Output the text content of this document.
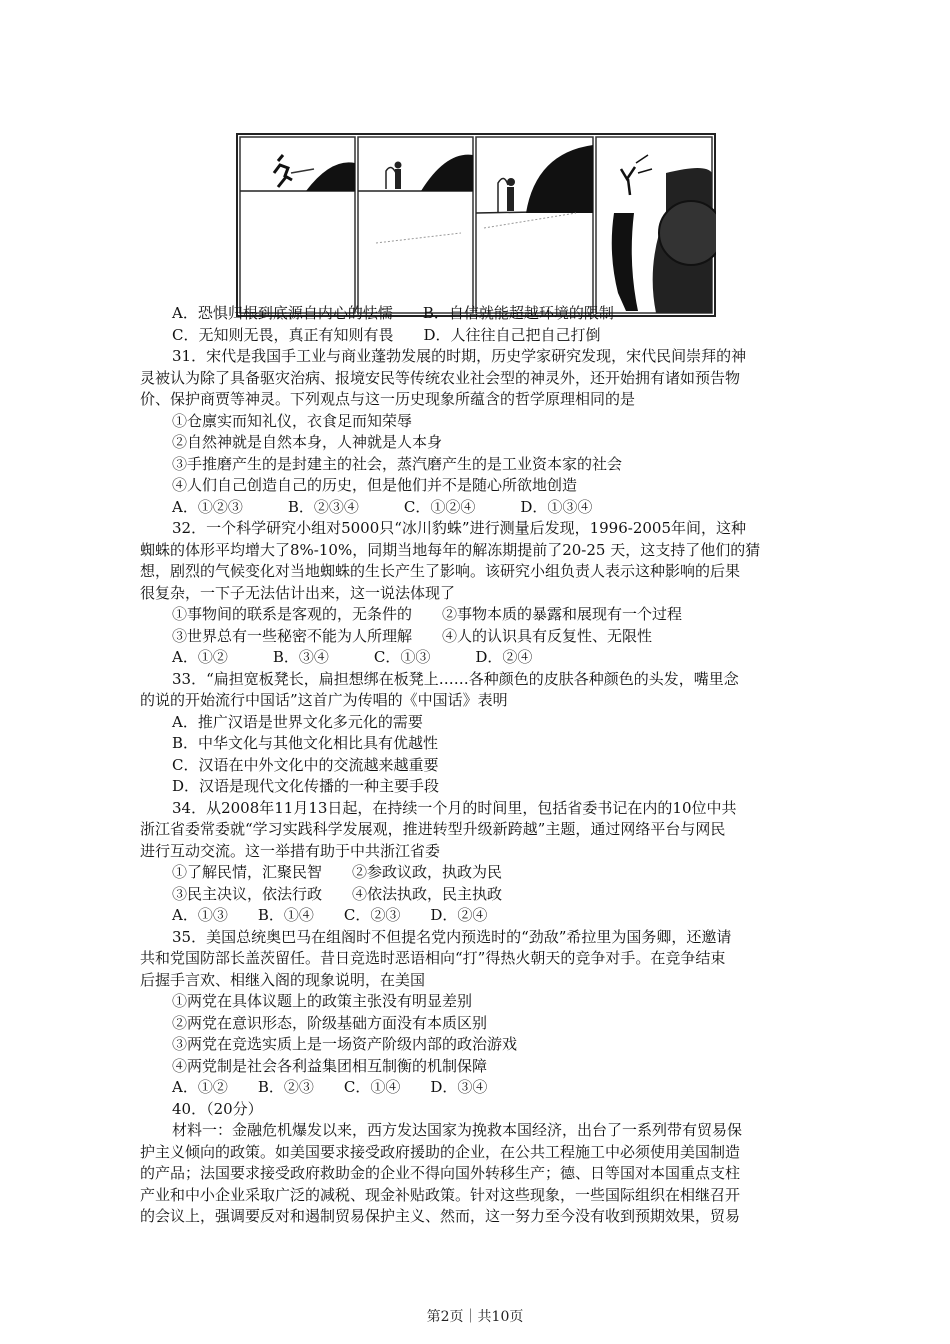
A．恐惧归根到底源自内心的怯懦　　 B．自信就能超越环境的限制
C．无知则无畏，真正有知则有畏　　 D．人往往自己把自己打倒
31．宋代是我国手工业与商业蓬勃发展的时期，历史学家研究发现，宋代民间崇拜的神
灵被认为除了具备驱灾治病、报境安民等传统农业社会型的神灵外，还开始拥有诸如预告物
价、保护商贾等神灵。下列观点与这一历史现象所蕴含的哲学原理相同的是
①仓廪实而知礼仪，衣食足而知荣辱
②自然神就是自然本身，人神就是人本身
③手推磨产生的是封建主的社会，蒸汽磨产生的是工业资本家的社会
④人们自己创造自己的历史，但是他们并不是随心所欲地创造
A．①②③　　　B．②③④　　　C．①②④　　　D．①③④
32．一个科学研究小组对5000只“冰川豹蛛”进行测量后发现，1996-2005年间，这种
蜘蛛的体形平均增大了8%-10%，同期当地每年的解冻期提前了20-25 天，这支持了他们的猜
想，剧烈的气候变化对当地蜘蛛的生长产生了影响。该研究小组负责人表示这种影响的后果
很复杂，一下子无法估计出来，这一说法体现了
①事物间的联系是客观的，无条件的　　②事物本质的暴露和展现有一个过程
③世界总有一些秘密不能为人所理解　　④人的认识具有反复性、无限性
A．①②　　　B．③④　　　C．①③　　　D．②④
33．“扁担宽板凳长，扁担想绑在板凳上……各种颜色的皮肤各种颜色的头发，嘴里念
的说的开始流行中国话”这首广为传唱的《中国话》表明
A．推广汉语是世界文化多元化的需要
B．中华文化与其他文化相比具有优越性
C．汉语在中外文化中的交流越来越重要
D．汉语是现代文化传播的一种主要手段
34．从2008年11月13日起，在持续一个月的时间里，包括省委书记在内的10位中共
浙江省委常委就“学习实践科学发展观，推进转型升级新跨越”主题，通过网络平台与网民
进行互动交流。这一举措有助于中共浙江省委
①了解民情，汇聚民智　　②参政议政，执政为民
③民主决议，依法行政　　④依法执政，民主执政
A．①③　　B．①④　　C．②③　　D．②④
35．美国总统奥巴马在组阁时不但提名党内预选时的“劲敌”希拉里为国务卿，还邀请
共和党国防部长盖茨留任。昔日竞选时恶语相向“打”得热火朝天的竞争对手。在竞争结束
后握手言欢、相继入阁的现象说明，在美国
①两党在具体议题上的政策主张没有明显差别
②两党在意识形态，阶级基础方面没有本质区别
③两党在竞选实质上是一场资产阶级内部的政治游戏
④两党制是社会各利益集团相互制衡的机制保障
A．①②　　B．②③　　C．①④　　D．③④
40．（20分）
材料一：金融危机爆发以来，西方发达国家为挽救本国经济，出台了一系列带有贸易保
护主义倾向的政策。如美国要求接受政府援助的企业，在公共工程施工中必须使用美国制造
的产品；法国要求接受政府救助金的企业不得向国外转移生产；德、日等国对本国重点支柱
产业和中小企业采取广泛的减税、现金补贴政策。针对这些现象，一些国际组织在相继召开
的会议上，强调要反对和遏制贸易保护主义、然而，这一努力至今没有收到预期效果，贸易
第2页｜共10页
